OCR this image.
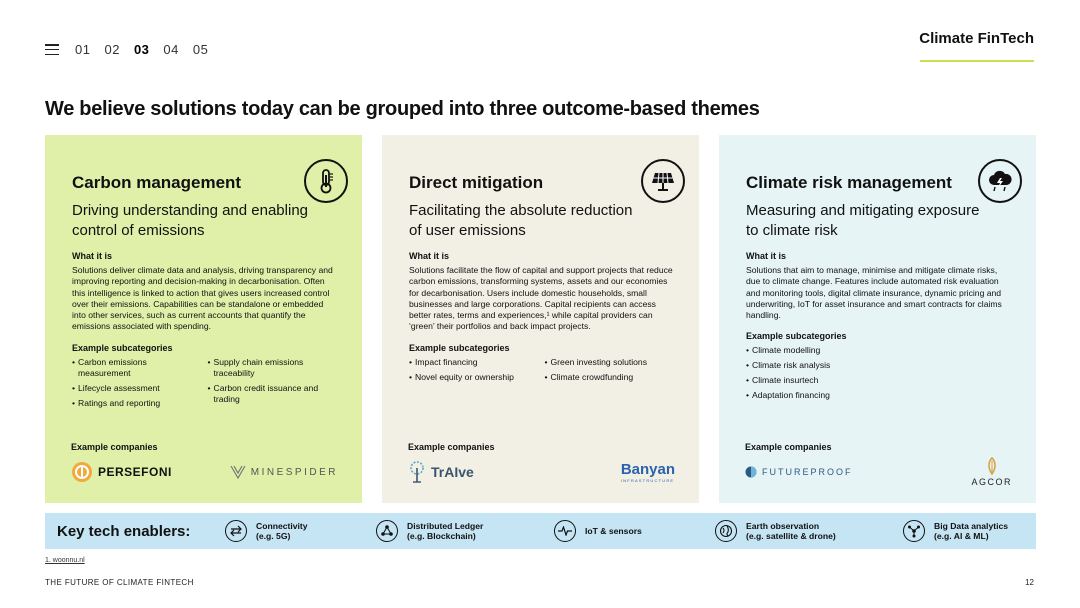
01 02 03 04 05
Climate FinTech
We believe solutions today can be grouped into three outcome-based themes
Carbon management

Driving understanding and enabling control of emissions

What it is

Solutions deliver climate data and analysis, driving transparency and improving reporting and decision-making in decarbonisation. Often this intelligence is linked to action that gives users increased control over their emissions. Capabilities can be standalone or embedded into other services, such as current accounts that quantify the emissions associated with spending.

Example subcategories

• Carbon emissions measurement
• Lifecycle assessment
• Ratings and reporting
• Supply chain emissions traceability
• Carbon credit issuance and trading

Example companies

PERSEFONI	MINESPIDER
Direct mitigation

Facilitating the absolute reduction of user emissions

What it is

Solutions facilitate the flow of capital and support projects that reduce carbon emissions, transforming systems, assets and our economies for decarbonisation. Users include domestic households, small businesses and large corporations. Capital recipients can access better rates, terms and experiences,¹ while capital providers can ‘green’ their portfolios and back impact projects.

Example subcategories

• Impact financing
• Novel equity or ownership
• Green investing solutions
• Climate crowdfunding

Example companies

TrAIve	Banyan
INFRASTRUCTURE
Climate risk management

Measuring and mitigating exposure to climate risk

What it is

Solutions that aim to manage, minimise and mitigate climate risks, due to climate change. Features include automated risk evaluation and monitoring tools, digital climate insurance, dynamic pricing and underwriting, IoT for asset insurance and smart contracts for claims handling.

Example subcategories

• Climate modelling
• Climate risk analysis
• Climate insurtech
• Adaptation financing

Example companies

FUTUREPROOF
AGCOR
Key tech enablers:	Connectivity
(e.g. 5G)
Distributed Ledger
(e.g. Blockchain)
IoT & sensors
Earth observation
(e.g. satellite & drone)
Big Data analytics
(e.g. AI & ML)
1. woonnu.nl
THE FUTURE OF CLIMATE FINTECH	12
